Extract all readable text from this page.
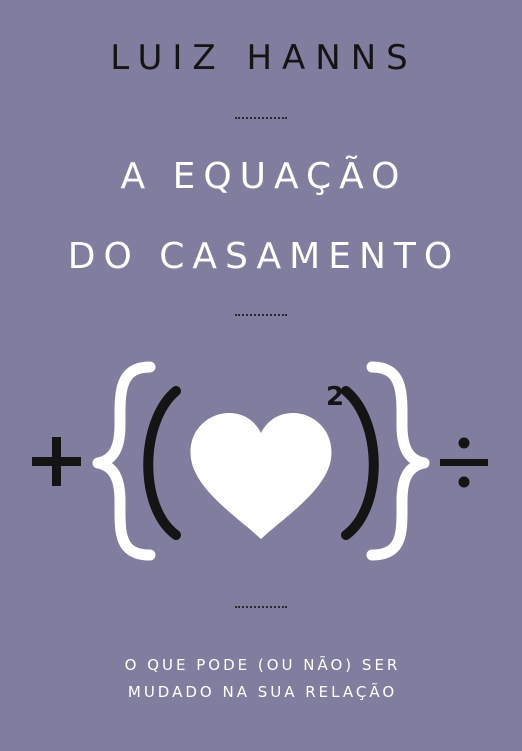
LUIZ HANNS
A EQUAÇÃO
DO CASAMENTO
2
O QUE PODE (OU NÃO) SER
MUDADO NA SUA RELAÇÃO
